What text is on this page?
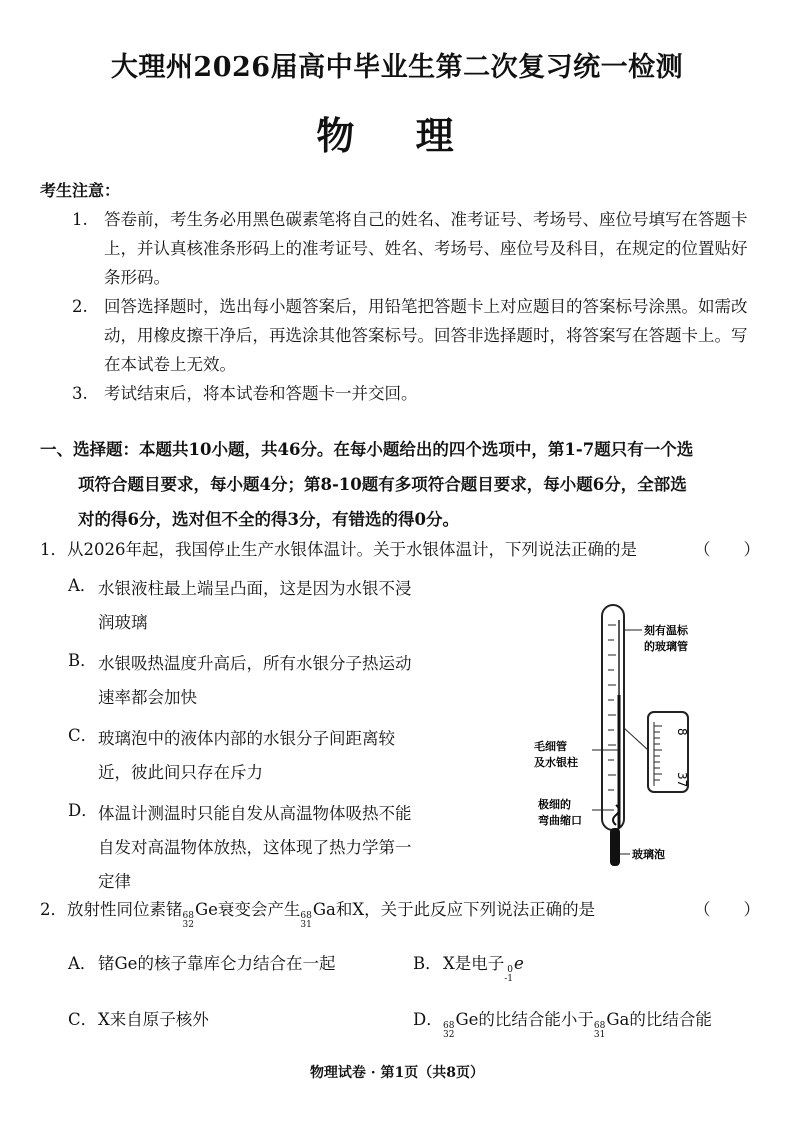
大理州2026届高中毕业生第二次复习统一检测
物 理
考生注意：
1. 答卷前，考生务必用黑色碳素笔将自己的姓名、准考证号、考场号、座位号填写在答题卡上，并认真核准条形码上的准考证号、姓名、考场号、座位号及科目，在规定的位置贴好条形码。
2. 回答选择题时，选出每小题答案后，用铅笔把答题卡上对应题目的答案标号涂黑。如需改动，用橡皮擦干净后，再选涂其他答案标号。回答非选择题时，将答案写在答题卡上。写在本试卷上无效。
3. 考试结束后，将本试卷和答题卡一并交回。
一、选择题：本题共10小题，共46分。在每小题给出的四个选项中，第1-7题只有一个选
项符合题目要求，每小题4分；第8-10题有多项符合题目要求，每小题6分，全部选
对的得6分，选对但不全的得3分，有错选的得0分。
1．从2026年起，我国停止生产水银体温计。关于水银体温计，下列说法正确的是	（　　）
A． 水银液柱最上端呈凸面，这是因为水银不浸润玻璃
B． 水银吸热温度升高后，所有水银分子热运动速率都会加快
C． 玻璃泡中的液体内部的水银分子间距离较近，彼此间只存在斥力
D． 体温计测温时只能自发从高温物体吸热不能自发对高温物体放热，这体现了热力学第一定律
37
8
刻有温标
的玻璃管
毛细管
及水银柱
极细的
弯曲缩口
玻璃泡
2．放射性同位素锗 68
32
Ge衰变会产生 68
31
Ga和X，关于此反应下列说法正确的是	（　　）
A． 锗Ge的核子靠库仑力结合在一起	B． X是电子 0
-1
e
C． X来自原子核外	D． 68
32
Ge的比结合能小于 68
31
Ga的比结合能
物理试卷 · 第1页（共8页）
